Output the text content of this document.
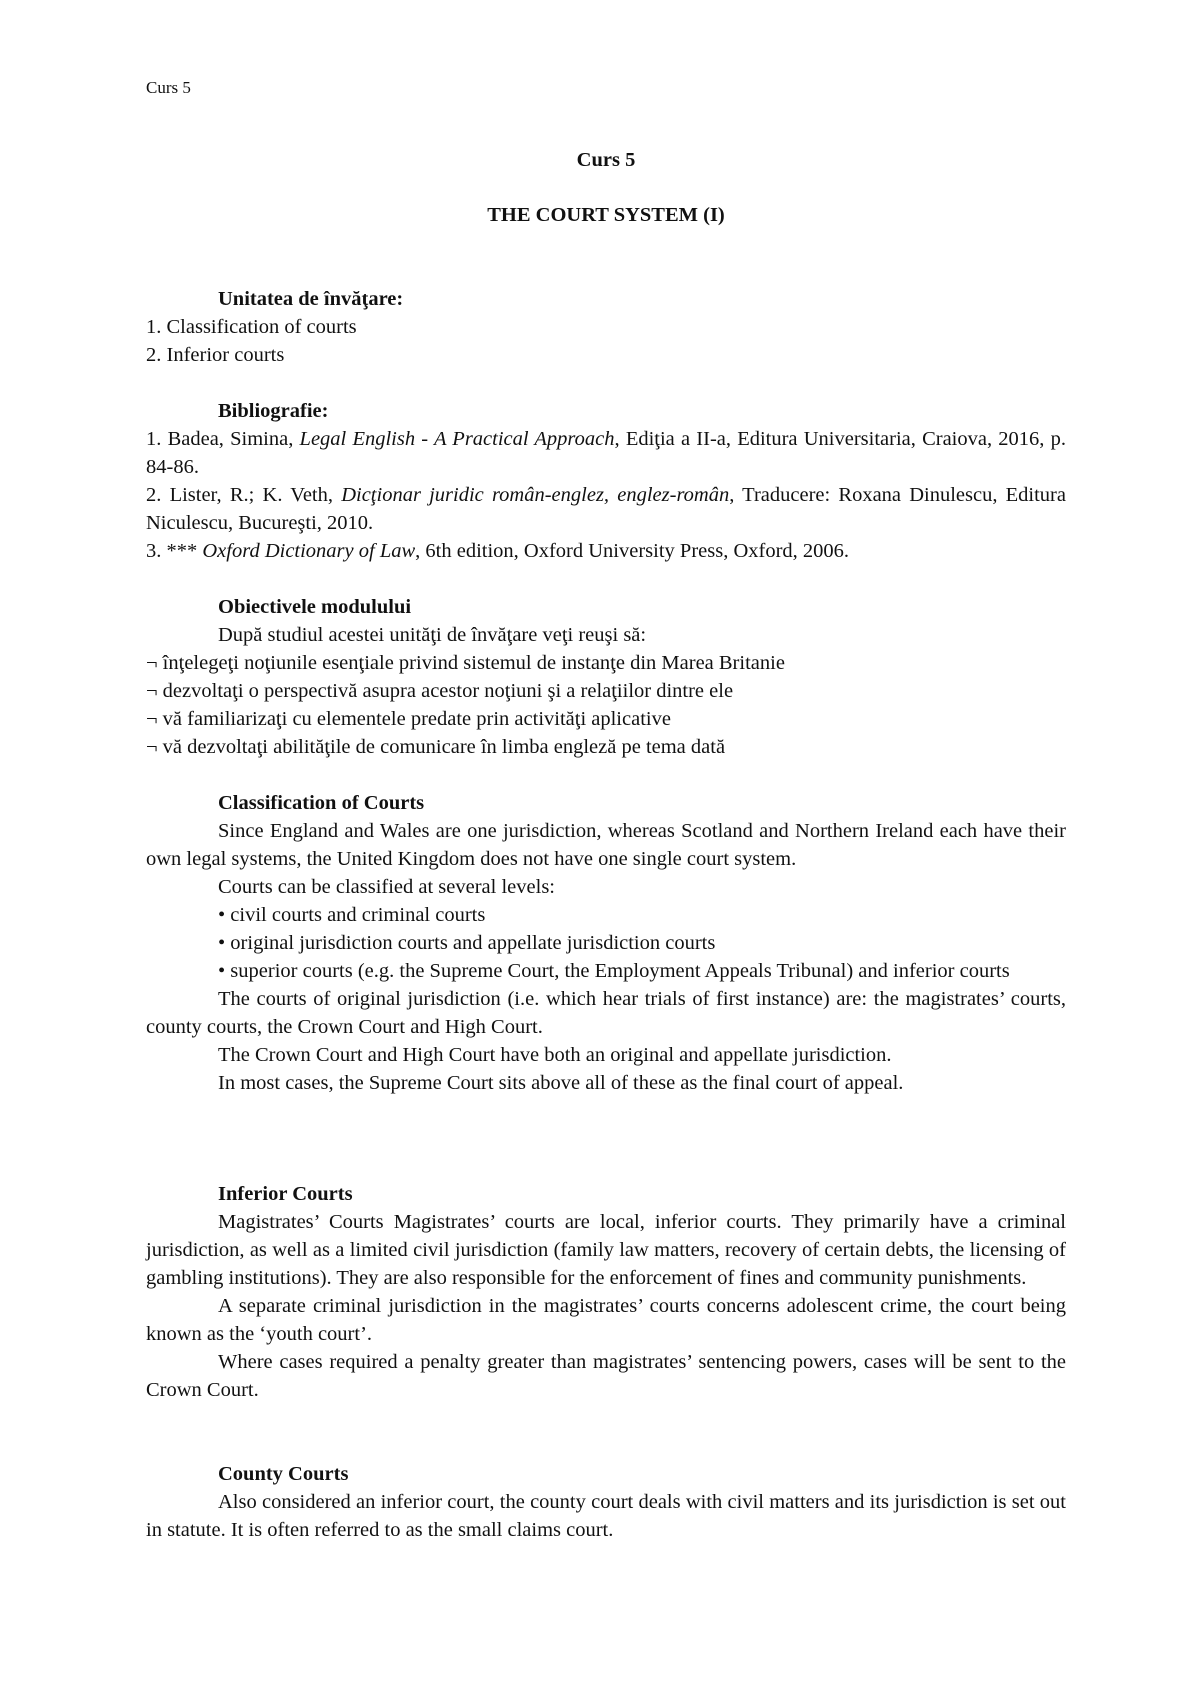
Curs 5
Curs 5
THE COURT SYSTEM (I)

Unitatea de învăţare:

1. Classification of courts

2. Inferior courts

Bibliografie:

1. Badea, Simina, Legal English - A Practical Approach, Ediţia a II-a, Editura Universitaria, Craiova, 2016, p. 84-86.

2. Lister, R.; K. Veth, Dicţionar juridic român-englez, englez-român, Traducere: Roxana Dinulescu, Editura Niculescu, Bucureşti, 2010.

3. *** Oxford Dictionary of Law, 6th edition, Oxford University Press, Oxford, 2006.

Obiectivele modulului

După studiul acestei unităţi de învăţare veţi reuşi să:

¬ înţelegeţi noţiunile esenţiale privind sistemul de instanţe din Marea Britanie

¬ dezvoltaţi o perspectivă asupra acestor noţiuni şi a relaţiilor dintre ele

¬ vă familiarizaţi cu elementele predate prin activităţi aplicative

¬ vă dezvoltaţi abilităţile de comunicare în limba engleză pe tema dată

Classification of Courts

Since England and Wales are one jurisdiction, whereas Scotland and Northern Ireland each have their own legal systems, the United Kingdom does not have one single court system.

Courts can be classified at several levels:

• civil courts and criminal courts

• original jurisdiction courts and appellate jurisdiction courts

• superior courts (e.g. the Supreme Court, the Employment Appeals Tribunal) and inferior courts

The courts of original jurisdiction (i.e. which hear trials of first instance) are: the magistrates’ courts, county courts, the Crown Court and High Court.

The Crown Court and High Court have both an original and appellate jurisdiction.

In most cases, the Supreme Court sits above all of these as the final court of appeal.

Inferior Courts

Magistrates’ Courts Magistrates’ courts are local, inferior courts. They primarily have a criminal jurisdiction, as well as a limited civil jurisdiction (family law matters, recovery of certain debts, the licensing of gambling institutions). They are also responsible for the enforcement of fines and community punishments.

A separate criminal jurisdiction in the magistrates’ courts concerns adolescent crime, the court being known as the ‘youth court’.

Where cases required a penalty greater than magistrates’ sentencing powers, cases will be sent to the Crown Court.

County Courts

Also considered an inferior court, the county court deals with civil matters and its jurisdiction is set out in statute. It is often referred to as the small claims court.
